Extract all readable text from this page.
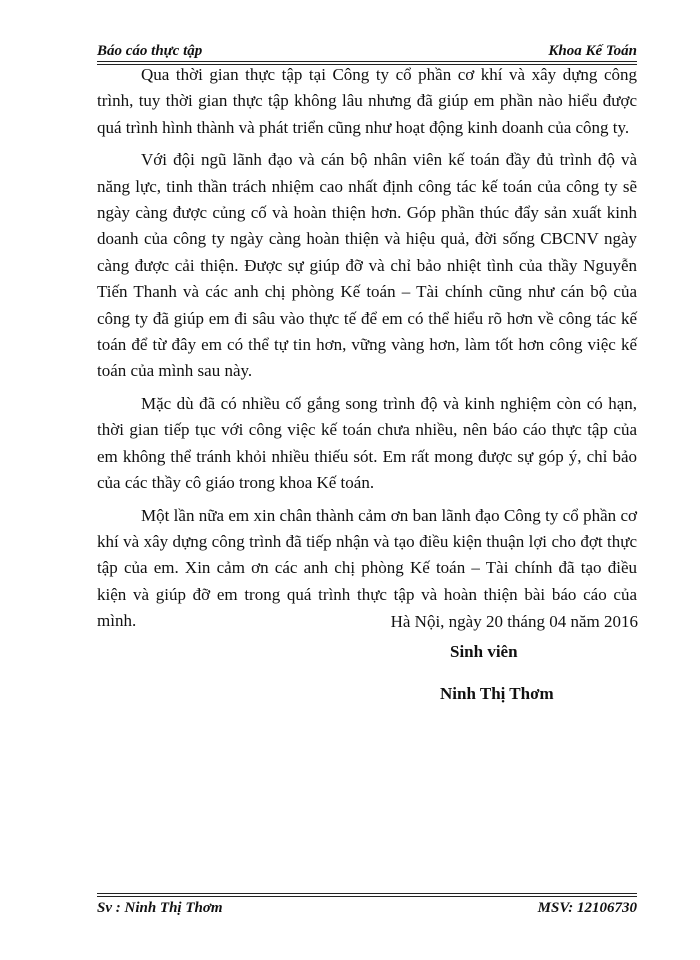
Báo cáo thực tập	Khoa Kế Toán

Qua thời gian thực tập tại Công ty cổ phần cơ khí và xây dựng công trình, tuy thời gian thực tập không lâu nhưng đã giúp em phần nào hiểu được quá trình hình thành và phát triển cũng như hoạt động kinh doanh của công ty.

Với đội ngũ lãnh đạo và cán bộ nhân viên kế toán đầy đủ trình độ và năng lực, tinh thần trách nhiệm cao nhất định công tác kế toán của công ty sẽ ngày càng được củng cố và hoàn thiện hơn. Góp phần thúc đẩy sản xuất kinh doanh của công ty ngày càng hoàn thiện và hiệu quả, đời sống CBCNV ngày càng được cải thiện. Được sự giúp đỡ và chỉ bảo nhiệt tình của thầy Nguyễn Tiến Thanh và các anh chị phòng Kế toán – Tài chính cũng như cán bộ của công ty đã giúp em đi sâu vào thực tế để em có thể hiểu rõ hơn về công tác kế toán để từ đây em có thể tự tin hơn, vững vàng hơn, làm tốt hơn công việc kế toán của mình sau này.

Mặc dù đã có nhiều cố gắng song trình độ và kinh nghiệm còn có hạn, thời gian tiếp tục với công việc kế toán chưa nhiều, nên báo cáo thực tập của em không thể tránh khỏi nhiều thiếu sót. Em rất mong được sự góp ý, chỉ bảo của các thầy cô giáo trong khoa Kế toán.

Một lần nữa em xin chân thành cảm ơn ban lãnh đạo Công ty cổ phần cơ khí và xây dựng công trình đã tiếp nhận và tạo điều kiện thuận lợi cho đợt thực tập của em. Xin cảm ơn các anh chị phòng Kế toán – Tài chính đã tạo điều kiện và giúp đỡ em trong quá trình thực tập và hoàn thiện bài báo cáo của mình.	Hà Nội, ngày 20 tháng 04 năm 2016
Sinh viên
Ninh Thị Thơm
Sv : Ninh Thị Thơm	MSV: 12106730
